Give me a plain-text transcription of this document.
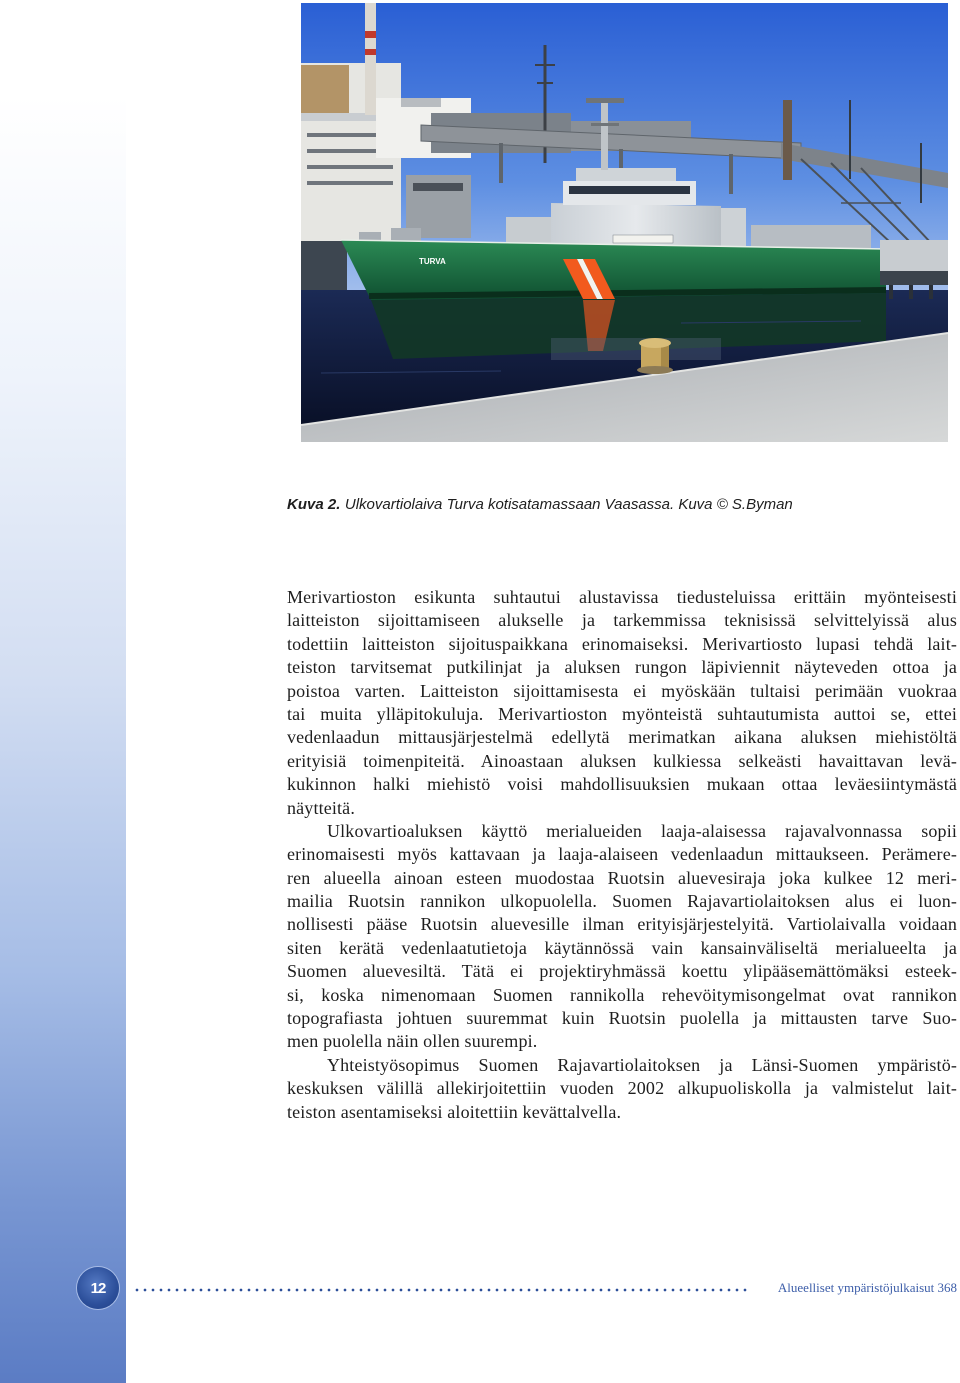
TURVA
Kuva 2. Ulkovartiolaiva Turva kotisatamassaan Vaasassa. Kuva © S.Byman
Merivartioston esikunta suhtautui alustavissa tiedusteluissa erittäin myönteisesti
laitteiston sijoittamiseen alukselle ja tarkemmissa teknisissä selvittelyissä alus
todettiin laitteiston sijoituspaikkana erinomaiseksi. Merivartiosto lupasi tehdä lait-
teiston tarvitsemat putkilinjat ja aluksen rungon läpiviennit näyteveden ottoa ja
poistoa varten. Laitteiston sijoittamisesta ei myöskään tultaisi perimään vuokraa
tai muita ylläpitokuluja. Merivartioston myönteistä suhtautumista auttoi se, ettei
vedenlaadun mittausjärjestelmä edellytä merimatkan aikana aluksen miehistöltä
erityisiä toimenpiteitä. Ainoastaan aluksen kulkiessa selkeästi havaittavan levä-
kukinnon halki miehistö voisi mahdollisuuksien mukaan ottaa leväesiintymästä
näytteitä.
Ulkovartioaluksen käyttö merialueiden laaja-alaisessa rajavalvonnassa sopii
erinomaisesti myös kattavaan ja laaja-alaiseen vedenlaadun mittaukseen. Perämere-
ren alueella ainoan esteen muodostaa Ruotsin aluevesiraja joka kulkee 12 meri-
mailia Ruotsin rannikon ulkopuolella. Suomen Rajavartiolaitoksen alus ei luon-
nollisesti pääse Ruotsin aluevesille ilman erityisjärjestelyitä. Vartiolaivalla voidaan
siten kerätä vedenlaatutietoja käytännössä vain kansainväliseltä merialueelta ja
Suomen aluevesiltä. Tätä ei projektiryhmässä koettu ylipääsemättömäksi esteek-
si, koska nimenomaan Suomen rannikolla rehevöitymisongelmat ovat rannikon
topografiasta johtuen suuremmat kuin Ruotsin puolella ja mittausten tarve Suo-
men puolella näin ollen suurempi.
Yhteistyösopimus Suomen Rajavartiolaitoksen ja Länsi-Suomen ympäristö-
keskuksen välillä allekirjoitettiin vuoden 2002 alkupuoliskolla ja valmistelut lait-
teiston asentamiseksi aloitettiin kevättalvella.
12	Alueelliset ympäristöjulkaisut 368
